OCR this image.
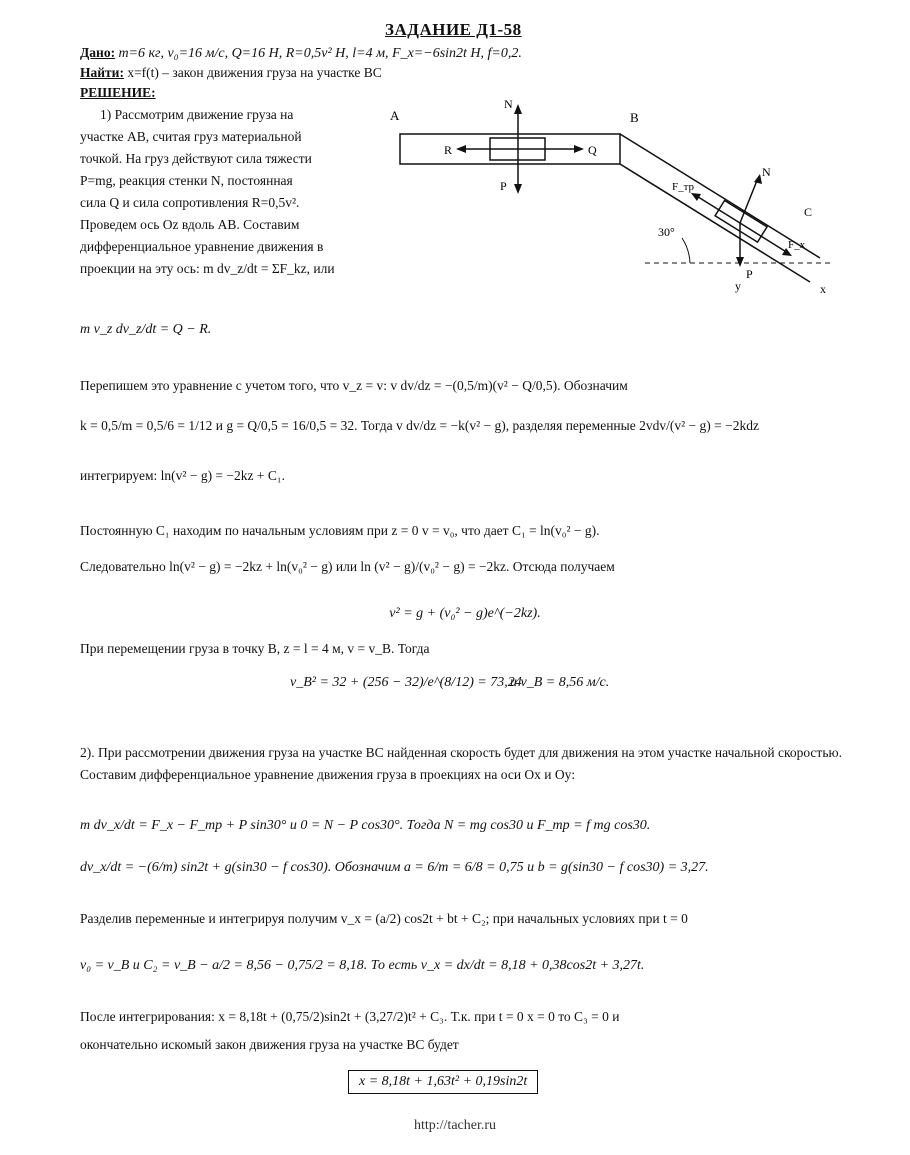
ЗАДАНИЕ Д1-58
Дано: m=6 кг, v₀=16 м/с, Q=16 Н, R=0,5v² Н, l=4 м, F_x=−6sin2t Н, f=0,2.
Найти: x=f(t) – закон движения груза на участке BC
РЕШЕНИЕ:
1) Рассмотрим движение груза на
участке AB, считая груз материальной
точкой. На груз действуют сила тяжести
P=mg, реакция стенки N, постоянная
сила Q и сила сопротивления R=0,5v².
Проведем ось Oz вдоль AB. Составим
дифференциальное уравнение движения в
проекции на эту ось: m dv_z/dt = ΣF_kz, или
A	B
N
R	Q
P
30°
C
N
P
y	x
F_тр
F_x
m v_z dv_z/dt = Q − R.
Перепишем это уравнение с учетом того, что v_z = v: v dv/dz = −(0,5/m)(v² − Q/0,5). Обозначим
k = 0,5/m = 0,5/6 = 1/12 и g = Q/0,5 = 16/0,5 = 32. Тогда v dv/dz = −k(v² − g), разделяя переменные 2vdv/(v² − g) = −2kdz
интегрируем: ln(v² − g) = −2kz + C₁.
Постоянную C₁ находим по начальным условиям при z = 0 v = v₀, что дает C₁ = ln(v₀² − g).
Следовательно ln(v² − g) = −2kz + ln(v₀² − g) или ln (v² − g)/(v₀² − g) = −2kz. Отсюда получаем
v² = g + (v₀² − g)e^(−2kz).
При перемещении груза в точку B, z = l = 4 м, v = v_B. Тогда
v_B² = 32 + (256 − 32)/e^(8/12) = 73,24
и v_B = 8,56 м/с.
2). При рассмотрении движения груза на участке BC найденная скорость будет для движения на этом участке начальной скоростью. Составим дифференциальное уравнение движения груза в проекциях на оси Ox и Oy:
m dv_x/dt = F_x − F_тр + P sin30° и 0 = N − P cos30°. Тогда N = mg cos30 и F_тр = f mg cos30.
dv_x/dt = −(6/m) sin2t + g(sin30 − f cos30). Обозначим a = 6/m = 6/8 = 0,75 и b = g(sin30 − f cos30) = 3,27.
Разделив переменные и интегрируя получим v_x = (a/2) cos2t + bt + C₂; при начальных условиях при t = 0
v₀ = v_B и C₂ = v_B − a/2 = 8,56 − 0,75/2 = 8,18. То есть v_x = dx/dt = 8,18 + 0,38cos2t + 3,27t.
После интегрирования: x = 8,18t + (0,75/2)sin2t + (3,27/2)t² + C₃. Т.к. при t = 0 x = 0 то C₃ = 0 и
окончательно искомый закон движения груза на участке BC будет
x = 8,18t + 1,63t² + 0,19sin2t
http://tacher.ru
